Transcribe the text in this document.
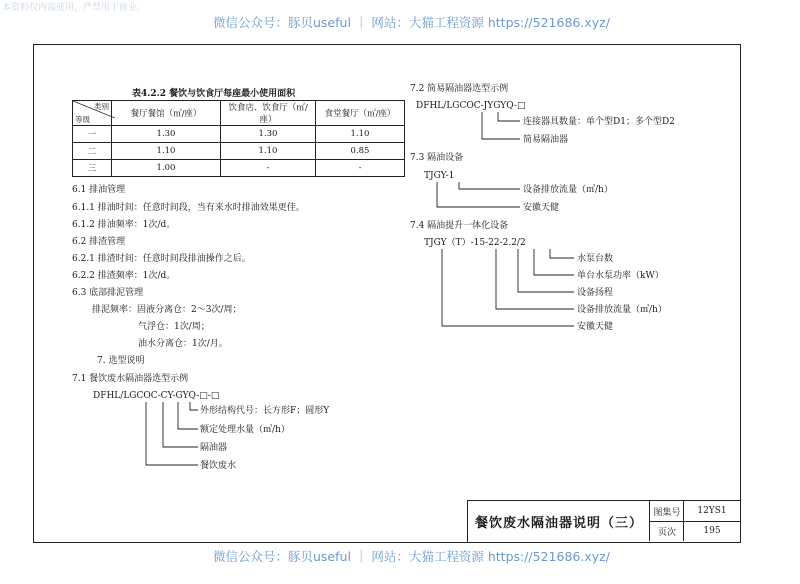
本资料仅内部使用，严禁用于商业。
微信公众号：豚贝useful ｜ 网站：大猫工程资源 https://521686.xyz/
微信公众号：豚贝useful ｜ 网站：大猫工程资源 https://521686.xyz/
表4.2.2 餐饮与饮食厅每座最小使用面积
类别
等级	餐厅餐馆（㎡/座）	饮食店、饮食厅（㎡/座）	食堂餐厅（㎡/座）
一	1.30	1.30	1.10
二	1.10	1.10	0.85
三	1.00	-	-
6.1 排油管理
6.1.1 排油时间：任意时间段，当有来水时排油效果更佳。
6.1.2 排油频率：1次/d。
6.2 排渣管理
6.2.1 排渣时间：任意时间段排油操作之后。
6.2.2 排渣频率：1次/d。
6.3 底部排泥管理
排泥频率：固液分离仓：2～3次/周；
气浮仓：1次/周；
油水分离仓：1次/月。
7. 选型说明
7.1 餐饮废水隔油器选型示例
DFHL/LGCOC-CY-GYQ-□-□
外形结构代号：长方形F；圆形Y
额定处理水量（㎥/h）
隔油器
餐饮废水
7.2 简易隔油器选型示例
DFHL/LGCOC-JYGYQ-□
连接器具数量：单个型D1；多个型D2
简易隔油器
7.3 隔油设备
TJGY-1
设备排放流量（㎥/h）
安徽天健
7.4 隔油提升一体化设备
TJGY（T）-15-22-2.2/2
水泵台数
单台水泵功率（kW）
设备扬程
设备排放流量（㎥/h）
安徽天健
餐饮废水隔油器说明（三）
图集号	12YS1
页次	195
